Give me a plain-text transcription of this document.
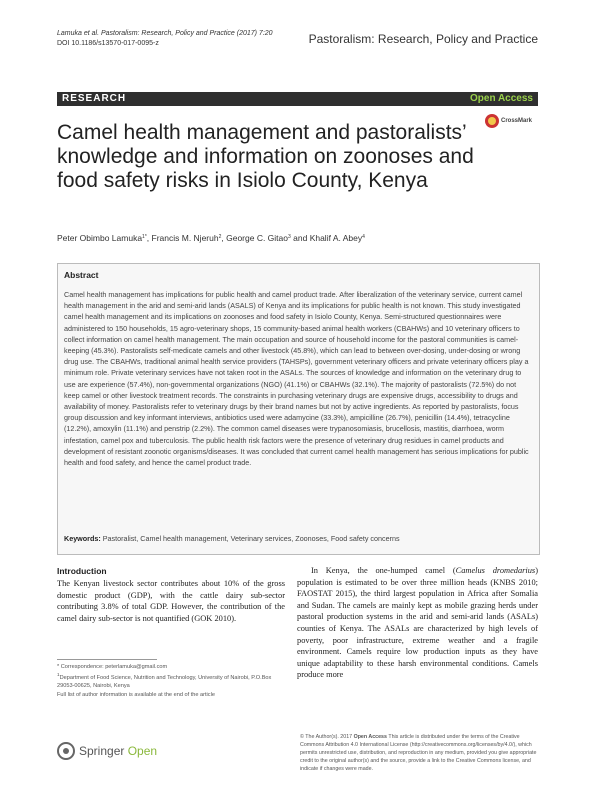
Lamuka et al. Pastoralism: Research, Policy and Practice (2017) 7:20
DOI 10.1186/s13570-017-0095-z	Pastoralism: Research, Policy and Practice
RESEARCH	Open Access
Camel health management and pastoralists’ knowledge and information on zoonoses and food safety risks in Isiolo County, Kenya
CrossMark
Peter Obimbo Lamuka$^{1*}$, Francis M. Njeruh$^2$, George C. Gitao$^3$ and Khalif A. Abey$^4$
Abstract
Camel health management has implications for public health and camel product trade. After liberalization of the veterinary service, current camel health management in the arid and semi-arid lands (ASALS) of Kenya and its implications for public health is not known. This study investigated camel health management and its implications on zoonoses and food safety in Isiolo County, Kenya. Semi-structured questionnaires were administered to 150 households, 15 agro-veterinary shops, 15 community-based animal health workers (CBAHWs) and 10 veterinary officers to collect information on camel health management. The main occupation and source of household income for the pastoral communities is camel-keeping (45.3%). Pastoralists self-medicate camels and other livestock (45.8%), which can lead to between over-dosing, under-dosing or wrong drug use. The CBAHWs, traditional animal health service providers (TAHSPs), government veterinary officers and private veterinary officers play a minimum role. Private veterinary services have not taken root in the ASALs. The sources of knowledge and information on the veterinary drug to use are experience (57.4%), non-governmental organizations (NGO) (41.1%) or CBAHWs (32.1%). The majority of pastoralists (72.5%) do not keep camel or other livestock treatment records. The constraints in purchasing veterinary drugs are expensive drugs, accessibility to drugs and availability of money. Pastoralists refer to veterinary drugs by their brand names but not by active ingredients. As reported by pastoralists, focus group discussion and key informant interviews, antibiotics used were adamycine (33.3%), ampicilline (26.7%), penicillin (14.4%), tetracycline (12.2%), amoxylin (11.1%) and penstrip (2.2%). The common camel diseases were trypanosomiasis, brucellosis, mastitis, diarrhoea, worm infestation, camel pox and tuberculosis. The public health risk factors were the presence of veterinary drug residues in camel products and development of resistant zoonotic organisms/diseases. It was concluded that current camel health management has serious implications for public health and food safety, and hence the camel product trade.
Keywords: Pastoralist, Camel health management, Veterinary services, Zoonoses, Food safety concerns
Introduction
The Kenyan livestock sector contributes about 10% of the gross domestic product (GDP), with the cattle dairy sub-sector contributing 3.8% of total GDP. However, the contribution of the camel dairy sub-sector is not quantified (GOK 2010).
In Kenya, the one-humped camel (Camelus dromedarius) population is estimated to be over three million heads (KNBS 2010; FAOSTAT 2015), the third largest population in Africa after Somalia and Sudan. The camels are mainly kept as mobile grazing herds under pastoral production systems in the arid and semi-arid lands (ASALs) counties of Kenya. The ASALs are characterized by high levels of poverty, poor infrastructure, extreme weather and a fragile environment. Camels require low production inputs as they have unique adaptability to these harsh environmental conditions. Camels produce more
* Correspondence: peterlamuka@gmail.com
$^1$Department of Food Science, Nutrition and Technology, University of Nairobi, P.O.Box 29053-00625, Nairobi, Kenya
Full list of author information is available at the end of the article
Springer Open
© The Author(s). 2017 Open Access This article is distributed under the terms of the Creative Commons Attribution 4.0 International License (http://creativecommons.org/licenses/by/4.0/), which permits unrestricted use, distribution, and reproduction in any medium, provided you give appropriate credit to the original author(s) and the source, provide a link to the Creative Commons license, and indicate if changes were made.
